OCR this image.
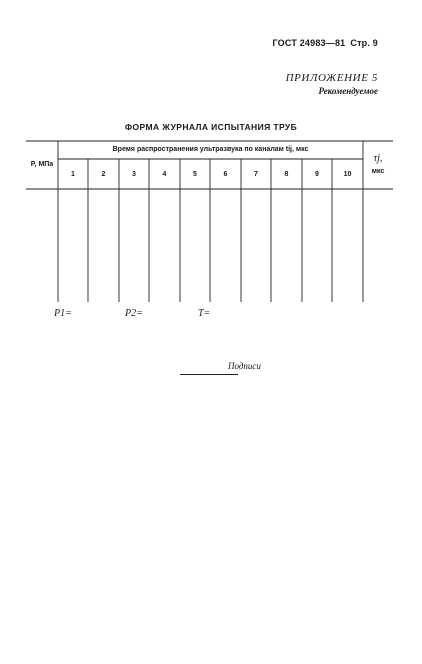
ГОСТ 24983—81 Стр. 9
ПРИЛОЖЕНИЕ 5
Рекомендуемое
ФОРМА ЖУРНАЛА ИСПЫТАНИЯ ТРУБ
P, МПа
Время распространения ультразвука по каналам tij, мкс
1	2	3	4	5	6	7	8	9	10
τj,
мкс
P1=	P2=	T=
Подписи
